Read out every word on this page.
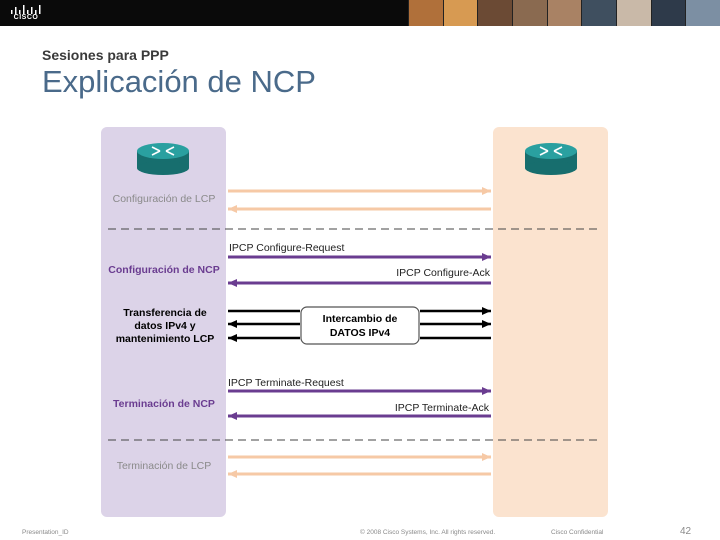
CISCO
Sesiones para PPP
Explicación de NCP
Configuración de LCP
IPCP Configure-Request
Configuración de NCP	IPCP Configure-Ack
Transferencia de
datos IPv4 y
mantenimiento LCP
Intercambio de
DATOS IPv4
IPCP Terminate-Request
Terminación de NCP	IPCP Terminate-Ack
Terminación de LCP
Presentation_ID	© 2008 Cisco Systems, Inc. All rights reserved.	Cisco Confidential	42
